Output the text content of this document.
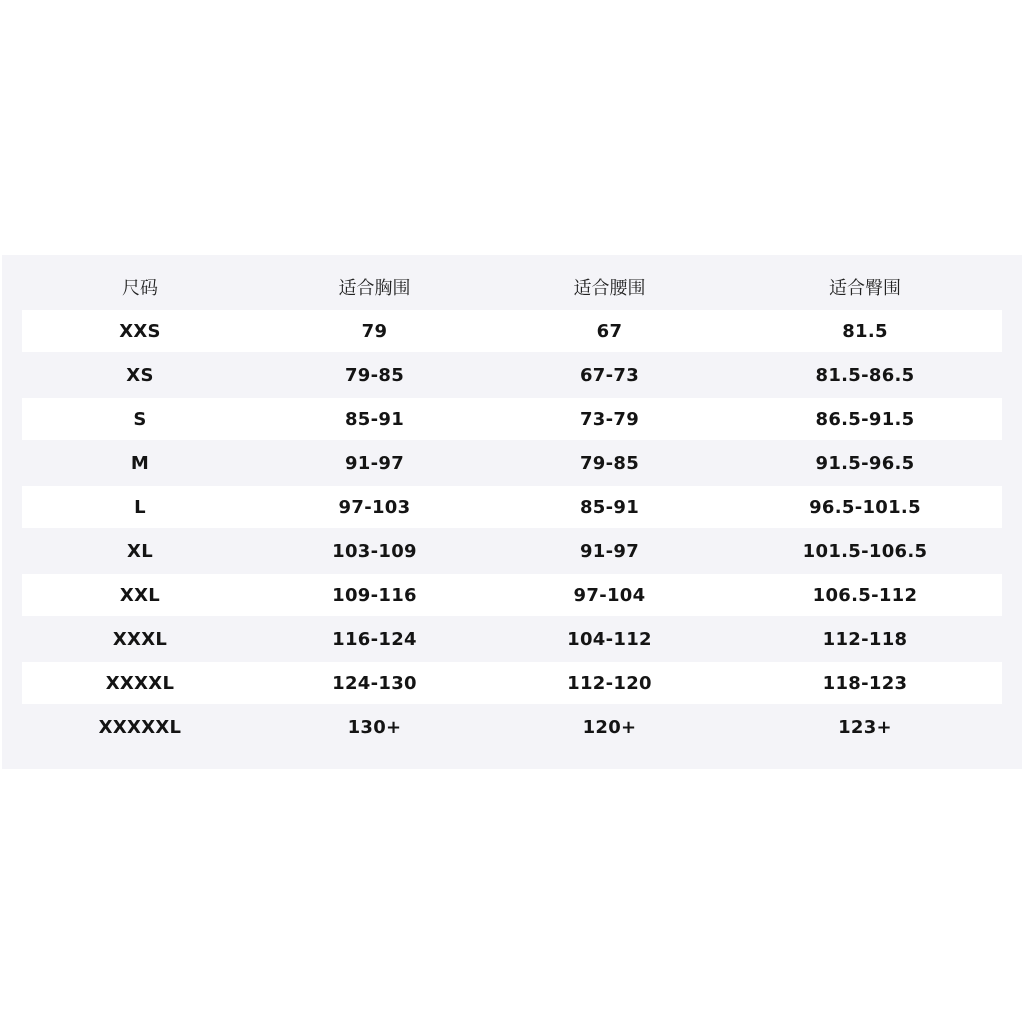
尺码	适合胸围	适合腰围	适合臀围
XXS	79	67	81.5
XS	79-85	67-73	81.5-86.5
S	85-91	73-79	86.5-91.5
M	91-97	79-85	91.5-96.5
L	97-103	85-91	96.5-101.5
XL	103-109	91-97	101.5-106.5
XXL	109-116	97-104	106.5-112
XXXL	116-124	104-112	112-118
XXXXL	124-130	112-120	118-123
XXXXXL	130+	120+	123+
